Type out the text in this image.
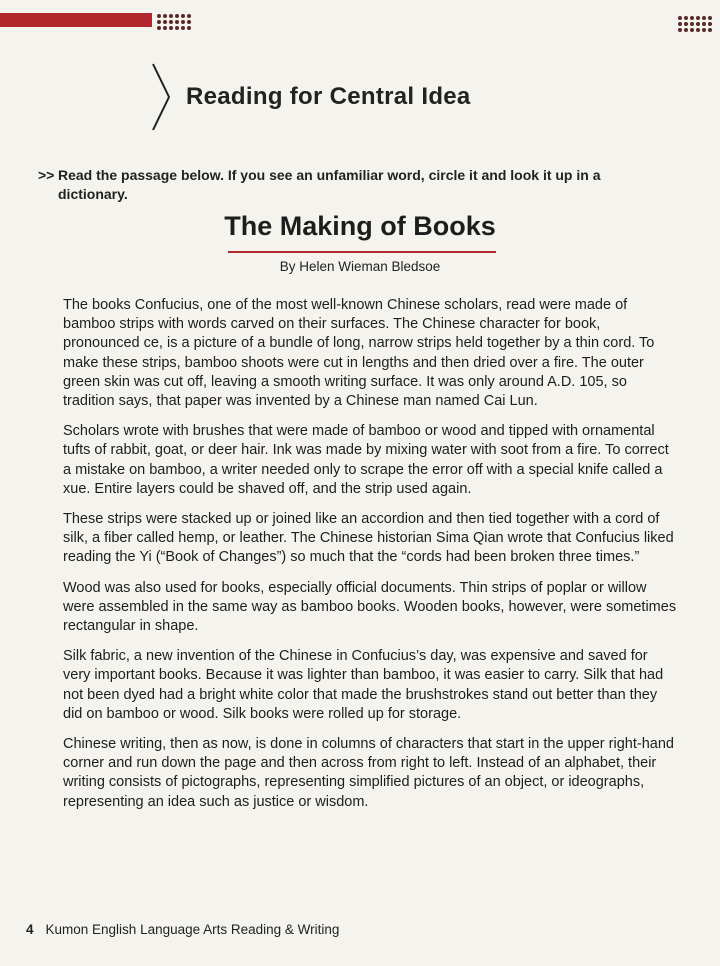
Reading for Central Idea
>> Read the passage below. If you see an unfamiliar word, circle it and look it up in a dictionary.
The Making of Books
By Helen Wieman Bledsoe

The books Confucius, one of the most well-known Chinese scholars, read were made of bamboo strips with words carved on their surfaces. The Chinese character for book, pronounced ce, is a picture of a bundle of long, narrow strips held together by a thin cord. To make these strips, bamboo shoots were cut in lengths and then dried over a fire. The outer green skin was cut off, leaving a smooth writing surface. It was only around A.D. 105, so tradition says, that paper was invented by a Chinese man named Cai Lun.

Scholars wrote with brushes that were made of bamboo or wood and tipped with ornamental tufts of rabbit, goat, or deer hair. Ink was made by mixing water with soot from a fire. To correct a mistake on bamboo, a writer needed only to scrape the error off with a special knife called a xue. Entire layers could be shaved off, and the strip used again.

These strips were stacked up or joined like an accordion and then tied together with a cord of silk, a fiber called hemp, or leather. The Chinese historian Sima Qian wrote that Confucius liked reading the Yi (“Book of Changes”) so much that the “cords had been broken three times.”

Wood was also used for books, especially official documents. Thin strips of poplar or willow were assembled in the same way as bamboo books. Wooden books, however, were sometimes rectangular in shape.

Silk fabric, a new invention of the Chinese in Confucius’s day, was expensive and saved for very important books. Because it was lighter than bamboo, it was easier to carry. Silk that had not been dyed had a bright white color that made the brushstrokes stand out better than they did on bamboo or wood. Silk books were rolled up for storage.

Chinese writing, then as now, is done in columns of characters that start in the upper right-hand corner and run down the page and then across from right to left. Instead of an alphabet, their writing consists of pictographs, representing simplified pictures of an object, or ideographs, representing an idea such as justice or wisdom.

4 Kumon English Language Arts Reading & Writing
